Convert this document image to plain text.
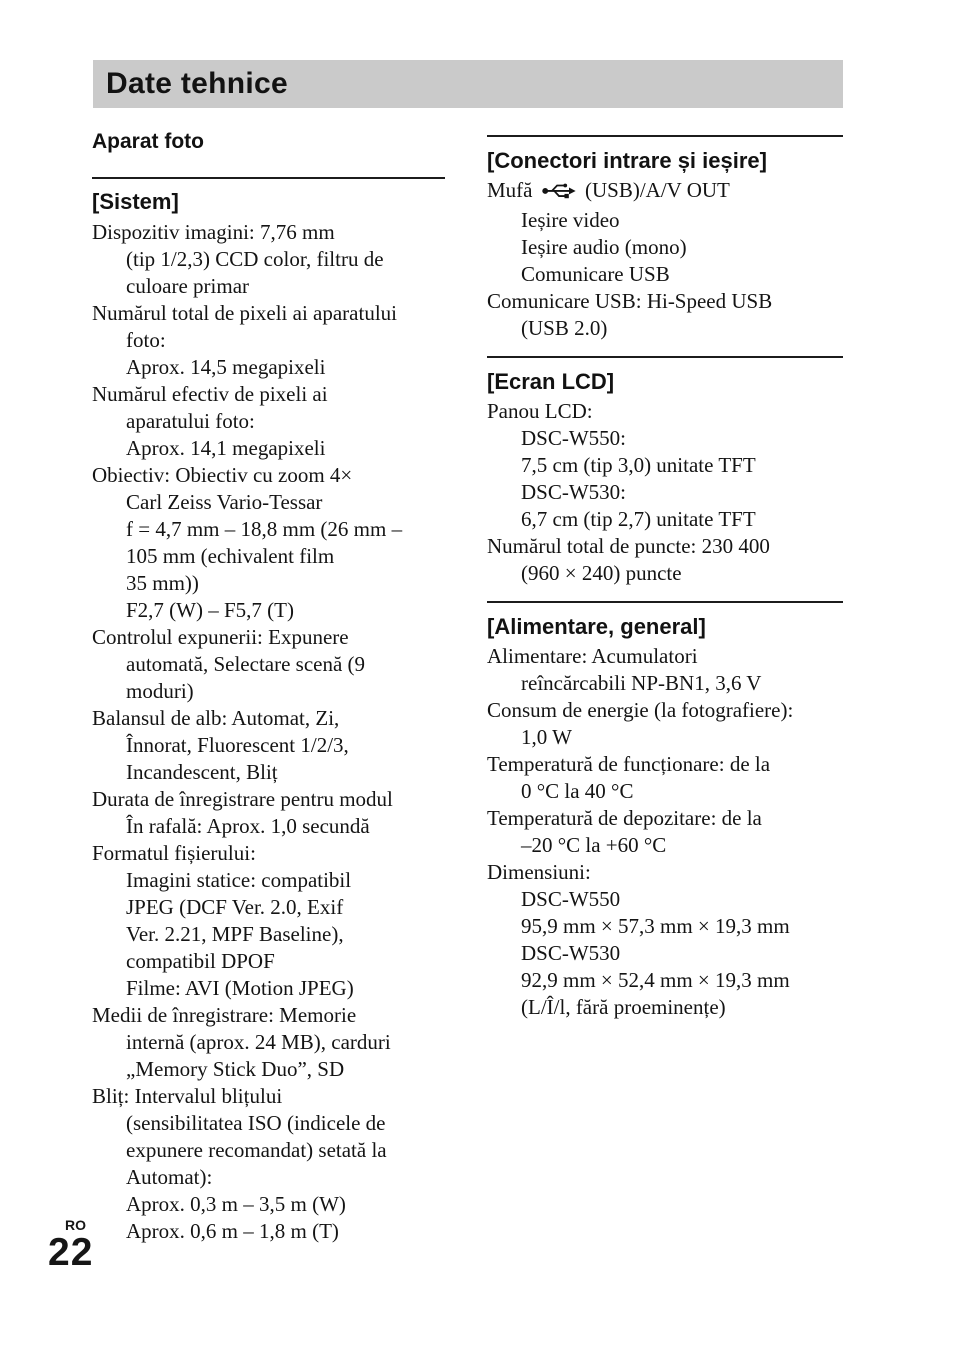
Date tehnice
Aparat foto
[Sistem]
Dispozitiv imagini: 7,76 mm
(tip 1/2,3) CCD color, filtru de
culoare primar
Numărul total de pixeli ai aparatului
foto:
Aprox. 14,5 megapixeli
Numărul efectiv de pixeli ai
aparatului foto:
Aprox. 14,1 megapixeli
Obiectiv: Obiectiv cu zoom 4×
Carl Zeiss Vario-Tessar
f = 4,7 mm – 18,8 mm (26 mm –
105 mm (echivalent film
35 mm))
F2,7 (W) – F5,7 (T)
Controlul expunerii: Expunere
automată, Selectare scenă (9
moduri)
Balansul de alb: Automat, Zi,
Înnorat, Fluorescent 1/2/3,
Incandescent, Bliț
Durata de înregistrare pentru modul
În rafală: Aprox. 1,0 secundă
Formatul fișierului:
Imagini statice: compatibil
JPEG (DCF Ver. 2.0, Exif
Ver. 2.21, MPF Baseline),
compatibil DPOF
Filme: AVI (Motion JPEG)
Medii de înregistrare: Memorie
internă (aprox. 24 MB), carduri
„Memory Stick Duo”, SD
Bliț: Intervalul blițului
(sensibilitatea ISO (indicele de
expunere recomandat) setată la
Automat):
Aprox. 0,3 m – 3,5 m (W)
Aprox. 0,6 m – 1,8 m (T)
[Conectori intrare și ieșire]
Mufă  (USB)/A/V OUT
Ieșire video
Ieșire audio (mono)
Comunicare USB
Comunicare USB: Hi-Speed USB
(USB 2.0)
[Ecran LCD]
Panou LCD:
DSC-W550:
7,5 cm (tip 3,0) unitate TFT
DSC-W530:
6,7 cm (tip 2,7) unitate TFT
Numărul total de puncte: 230 400
(960 × 240) puncte
[Alimentare, general]
Alimentare: Acumulatori
reîncărcabili NP-BN1, 3,6 V
Consum de energie (la fotografiere):
1,0 W
Temperatură de funcționare: de la
0 °C la 40 °C
Temperatură de depozitare: de la
–20 °C la +60 °C
Dimensiuni:
DSC-W550
95,9 mm × 57,3 mm × 19,3 mm
DSC-W530
92,9 mm × 52,4 mm × 19,3 mm
(L/Î/l, fără proeminențe)
RO
22
